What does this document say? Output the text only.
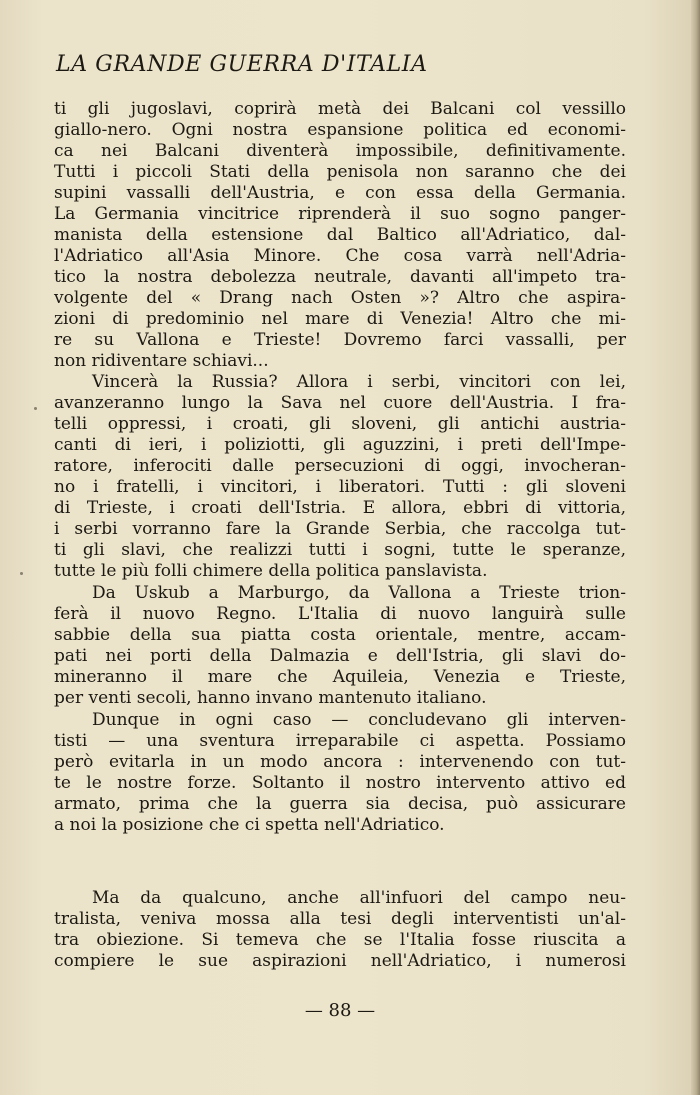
LA GRANDE GUERRA D'ITALIA
ti gli jugoslavi, coprirà metà dei Balcani col vessillo
giallo-nero. Ogni nostra espansione politica ed economi-
ca nei Balcani diventerà impossibile, definitivamente.
Tutti i piccoli Stati della penisola non saranno che dei
supini vassalli dell'Austria, e con essa della Germania.
La Germania vincitrice riprenderà il suo sogno panger-
manista della estensione dal Baltico all'Adriatico, dal-
l'Adriatico all'Asia Minore. Che cosa varrà nell'Adria-
tico la nostra debolezza neutrale, davanti all'impeto tra-
volgente del « Drang nach Osten »? Altro che aspira-
zioni di predominio nel mare di Venezia! Altro che mi-
re su Vallona e Trieste! Dovremo farci vassalli, per
non ridiventare schiavi...
Vincerà la Russia? Allora i serbi, vincitori con lei,
avanzeranno lungo la Sava nel cuore dell'Austria. I fra-
telli oppressi, i croati, gli sloveni, gli antichi austria-
canti di ieri, i poliziotti, gli aguzzini, i preti dell'Impe-
ratore, inferociti dalle persecuzioni di oggi, invocheran-
no i fratelli, i vincitori, i liberatori. Tutti : gli sloveni
di Trieste, i croati dell'Istria. E allora, ebbri di vittoria,
i serbi vorranno fare la Grande Serbia, che raccolga tut-
ti gli slavi, che realizzi tutti i sogni, tutte le speranze,
tutte le più folli chimere della politica panslavista.
Da Uskub a Marburgo, da Vallona a Trieste trion-
ferà il nuovo Regno. L'Italia di nuovo languirà sulle
sabbie della sua piatta costa orientale, mentre, accam-
pati nei porti della Dalmazia e dell'Istria, gli slavi do-
mineranno il mare che Aquileia, Venezia e Trieste,
per venti secoli, hanno invano mantenuto italiano.
Dunque in ogni caso — concludevano gli interven-
tisti — una sventura irreparabile ci aspetta. Possiamo
però evitarla in un modo ancora : intervenendo con tut-
te le nostre forze. Soltanto il nostro intervento attivo ed
armato, prima che la guerra sia decisa, può assicurare
a noi la posizione che ci spetta nell'Adriatico.
Ma da qualcuno, anche all'infuori del campo neu-
tralista, veniva mossa alla tesi degli interventisti un'al-
tra obiezione. Si temeva che se l'Italia fosse riuscita a
compiere le sue aspirazioni nell'Adriatico, i numerosi
— 88 —
